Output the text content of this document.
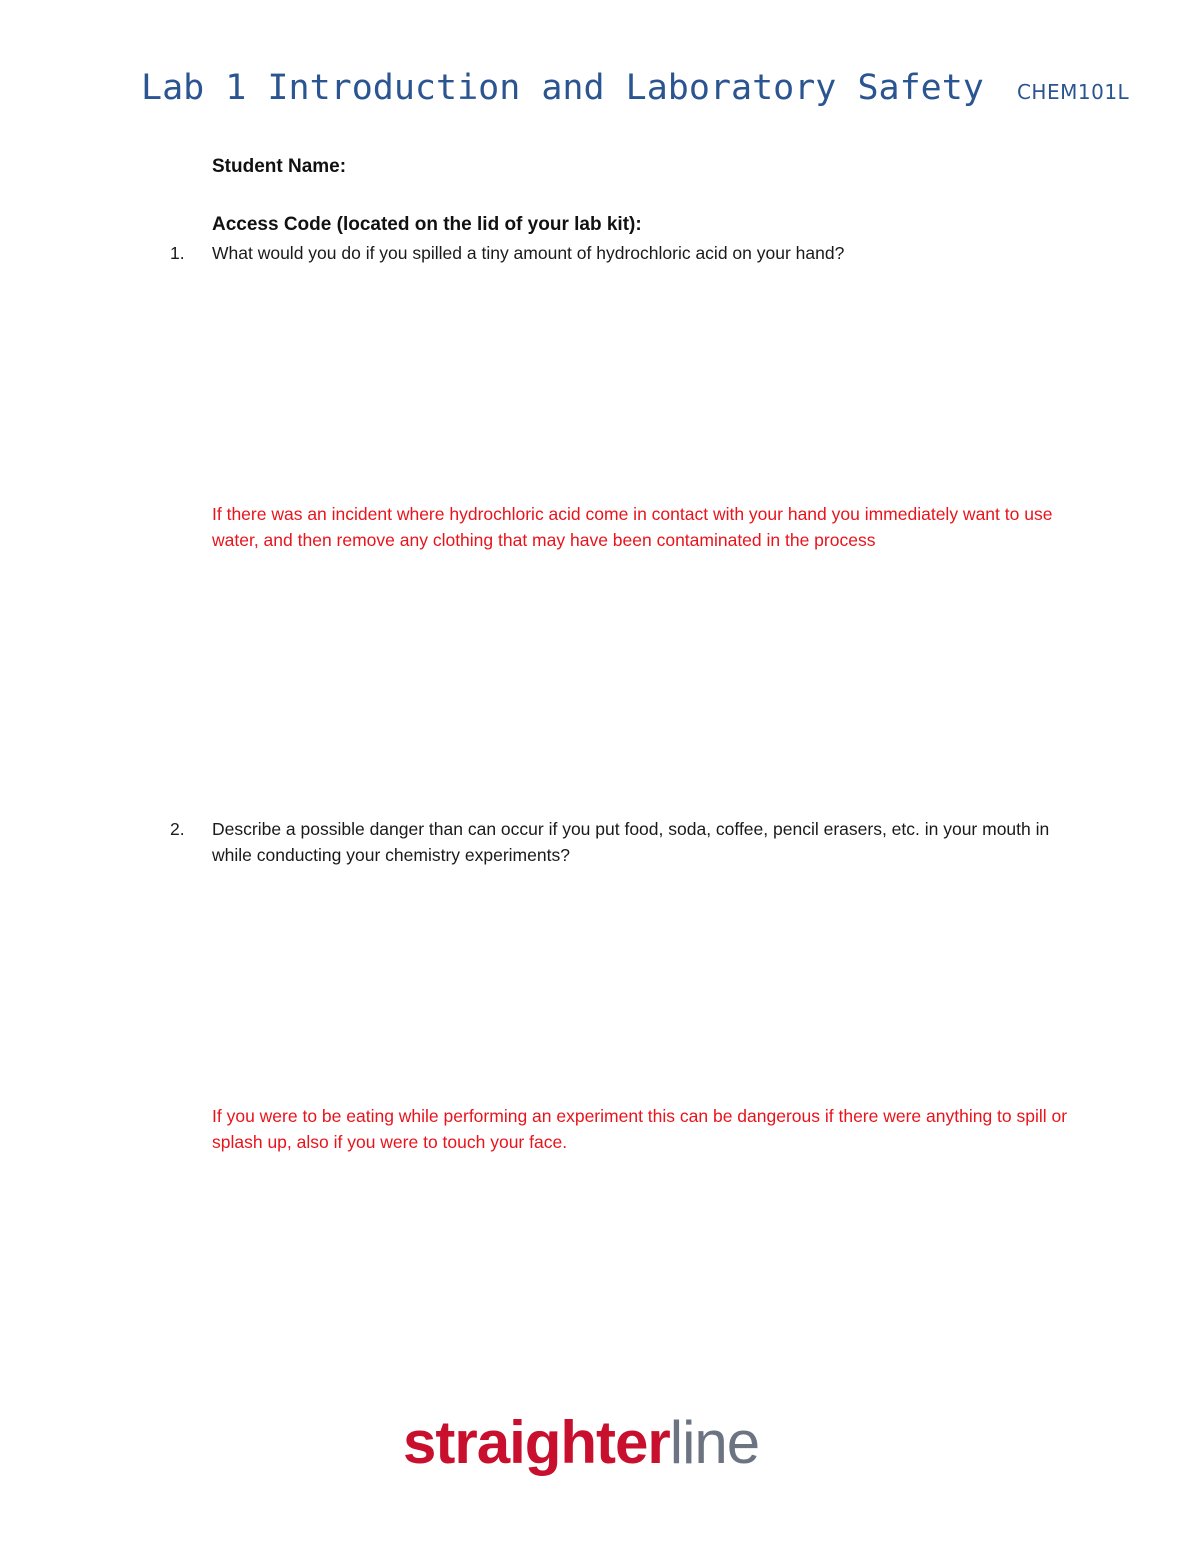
Lab 1 Introduction and Laboratory Safety CHEM101L
Student Name:
Access Code (located on the lid of your lab kit):
1.	What would you do if you spilled a tiny amount of hydrochloric acid on your hand?
If there was an incident where hydrochloric acid come in contact with your hand you immediately want to use water, and then remove any clothing that may have been contaminated in the process
2.	Describe a possible danger than can occur if you put food, soda, coffee, pencil erasers, etc. in your mouth in while conducting your chemistry experiments?
If you were to be eating while performing an experiment this can be dangerous if there were anything to spill or splash up, also if you were to touch your face.
straighterline
